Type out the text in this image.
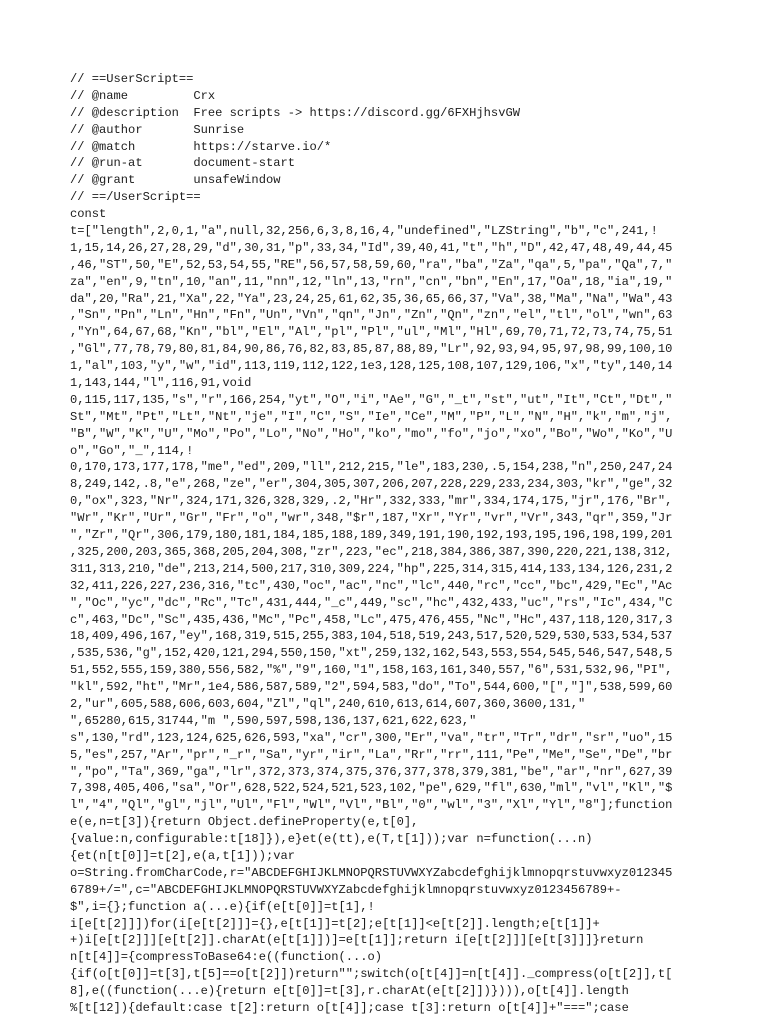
// ==UserScript==
// @name         Crx
// @description  Free scripts -> https://discord.gg/6FXHjhsvGW
// @author       Sunrise
// @match        https://starve.io/*
// @run-at       document-start
// @grant        unsafeWindow
// ==/UserScript==
const
t=["length",2,0,1,"a",null,32,256,6,3,8,16,4,"undefined","LZString","b","c",241,!
1,15,14,26,27,28,29,"d",30,31,"p",33,34,"Id",39,40,41,"t","h","D",42,47,48,49,44,45
,46,"ST",50,"E",52,53,54,55,"RE",56,57,58,59,60,"ra","ba","Za","qa",5,"pa","Qa",7,"
za","en",9,"tn",10,"an",11,"nn",12,"ln",13,"rn","cn","bn","En",17,"Oa",18,"ia",19,"
da",20,"Ra",21,"Xa",22,"Ya",23,24,25,61,62,35,36,65,66,37,"Va",38,"Ma","Na","Wa",43
,"Sn","Pn","Ln","Hn","Fn","Un","Vn","qn","Jn","Zn","Qn","zn","el","tl","ol","wn",63
,"Yn",64,67,68,"Kn","bl","El","Al","pl","Pl","ul","Ml","Hl",69,70,71,72,73,74,75,51
,"Gl",77,78,79,80,81,84,90,86,76,82,83,85,87,88,89,"Lr",92,93,94,95,97,98,99,100,10
1,"al",103,"y","w","id",113,119,112,122,1e3,128,125,108,107,129,106,"x","ty",140,14
1,143,144,"l",116,91,void
0,115,117,135,"s","r",166,254,"yt","O","i","Ae","G","_t","st","ut","It","Ct","Dt","
St","Mt","Pt","Lt","Nt","je","I","C","S","Ie","Ce","M","P","L","N","H","k","m","j",
"B","W","K","U","Mo","Po","Lo","No","Ho","ko","mo","fo","jo","xo","Bo","Wo","Ko","U
o","Go","_",114,!
0,170,173,177,178,"me","ed",209,"ll",212,215,"le",183,230,.5,154,238,"n",250,247,24
8,249,142,.8,"e",268,"ze","er",304,305,307,206,207,228,229,233,234,303,"kr","ge",32
0,"ox",323,"Nr",324,171,326,328,329,.2,"Hr",332,333,"mr",334,174,175,"jr",176,"Br",
"Wr","Kr","Ur","Gr","Fr","o","wr",348,"$r",187,"Xr","Yr","vr","Vr",343,"qr",359,"Jr
","Zr","Qr",306,179,180,181,184,185,188,189,349,191,190,192,193,195,196,198,199,201
,325,200,203,365,368,205,204,308,"zr",223,"ec",218,384,386,387,390,220,221,138,312,
311,313,210,"de",213,214,500,217,310,309,224,"hp",225,314,315,414,133,134,126,231,2
32,411,226,227,236,316,"tc",430,"oc","ac","nc","lc",440,"rc","cc","bc",429,"Ec","Ac
","Oc","yc","dc","Rc","Tc",431,444,"_c",449,"sc","hc",432,433,"uc","rs","Ic",434,"C
c",463,"Dc","Sc",435,436,"Mc","Pc",458,"Lc",475,476,455,"Nc","Hc",437,118,120,317,3
18,409,496,167,"ey",168,319,515,255,383,104,518,519,243,517,520,529,530,533,534,537
,535,536,"g",152,420,121,294,550,150,"xt",259,132,162,543,553,554,545,546,547,548,5
51,552,555,159,380,556,582,"%","9",160,"1",158,163,161,340,557,"6",531,532,96,"PI",
"kl",592,"ht","Mr",1e4,586,587,589,"2",594,583,"do","To",544,600,"[","]",538,599,60
2,"ur",605,588,606,603,604,"Zl","ql",240,610,613,614,607,360,3600,131,"
",65280,615,31744,"m ",590,597,598,136,137,621,622,623,"
s",130,"rd",123,124,625,626,593,"xa","cr",300,"Er","va","tr","Tr","dr","sr","uo",15
5,"es",257,"Ar","pr","_r","Sa","yr","ir","La","Rr","rr",111,"Pe","Me","Se","De","br
","po","Ta",369,"ga","lr",372,373,374,375,376,377,378,379,381,"be","ar","nr",627,39
7,398,405,406,"sa","Or",628,522,524,521,523,102,"pe",629,"fl",630,"ml","vl","Kl","$
l","4","Ql","gl","jl","Ul","Fl","Wl","Vl","Bl","0","wl","3","Xl","Yl","8"];function
e(e,n=t[3]){return Object.defineProperty(e,t[0],
{value:n,configurable:t[18]}),e}et(e(tt),e(T,t[1]));var n=function(...n)
{et(n[t[0]]=t[2],e(a,t[1]));var
o=String.fromCharCode,r="ABCDEFGHIJKLMNOPQRSTUVWXYZabcdefghijklmnopqrstuvwxyz012345
6789+/=",c="ABCDEFGHIJKLMNOPQRSTUVWXYZabcdefghijklmnopqrstuvwxyz0123456789+-
$",i={};function a(...e){if(e[t[0]]=t[1],!
i[e[t[2]]])for(i[e[t[2]]]={},e[t[1]]=t[2];e[t[1]]<e[t[2]].length;e[t[1]]+
+)i[e[t[2]]][e[t[2]].charAt(e[t[1]])]=e[t[1]];return i[e[t[2]]][e[t[3]]]}return
n[t[4]]={compressToBase64:e((function(...o)
{if(o[t[0]]=t[3],t[5]==o[t[2]])return"";switch(o[t[4]]=n[t[4]]._compress(o[t[2]],t[
8],e((function(...e){return e[t[0]]=t[3],r.charAt(e[t[2]])}))),o[t[4]].length
%[t[12]){default:case t[2]:return o[t[4]];case t[3]:return o[t[4]]+"===";case
